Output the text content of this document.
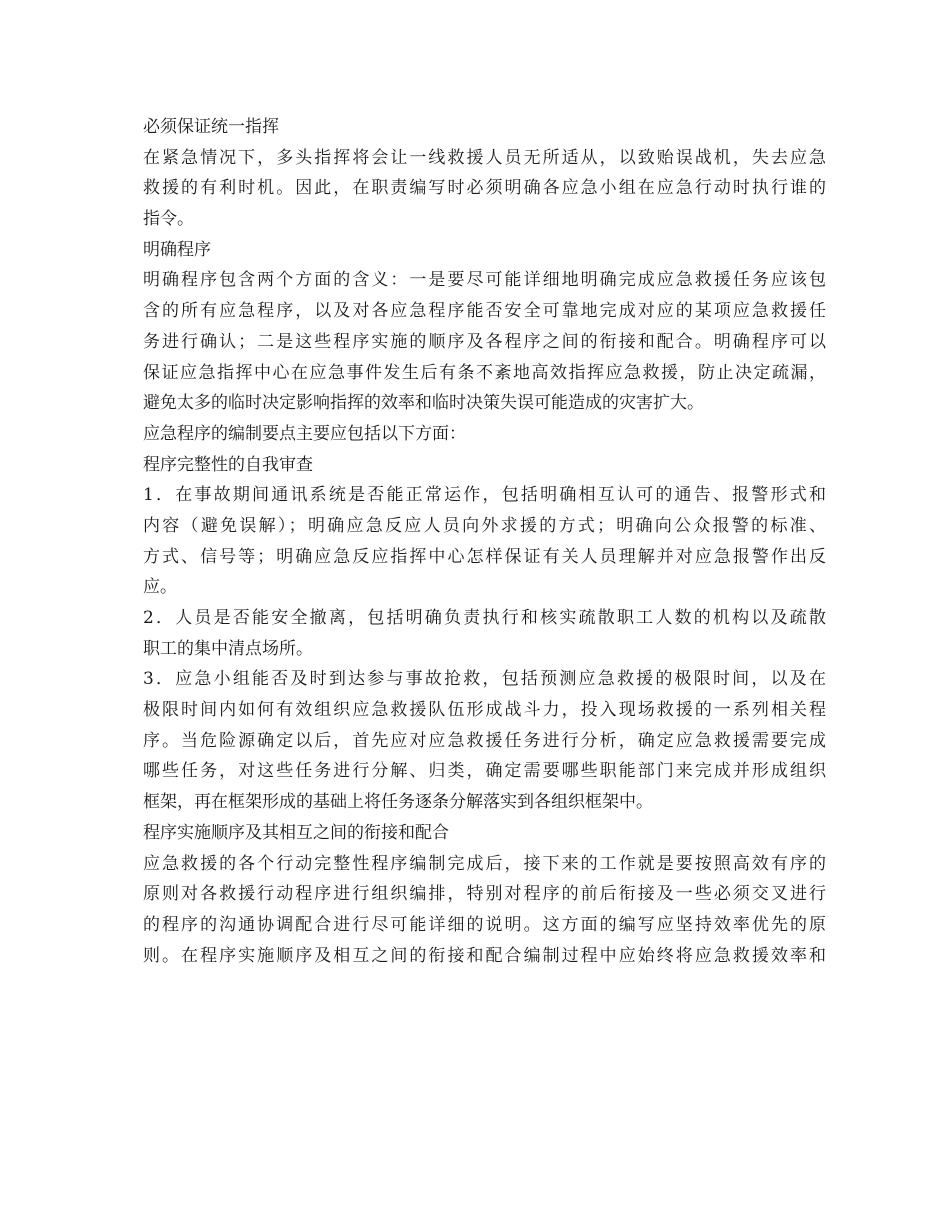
必须保证统一指挥
在紧急情况下，多头指挥将会让一线救援人员无所适从，以致贻误战机，失去应急
救援的有利时机。因此，在职责编写时必须明确各应急小组在应急行动时执行谁的
指令。
明确程序
明确程序包含两个方面的含义：一是要尽可能详细地明确完成应急救援任务应该包
含的所有应急程序，以及对各应急程序能否安全可靠地完成对应的某项应急救援任
务进行确认；二是这些程序实施的顺序及各程序之间的衔接和配合。明确程序可以
保证应急指挥中心在应急事件发生后有条不紊地高效指挥应急救援，防止决定疏漏，
避免太多的临时决定影响指挥的效率和临时决策失误可能造成的灾害扩大。
应急程序的编制要点主要应包括以下方面：
程序完整性的自我审查
1．在事故期间通讯系统是否能正常运作，包括明确相互认可的通告、报警形式和
内容（避免误解）；明确应急反应人员向外求援的方式；明确向公众报警的标准、
方式、信号等；明确应急反应指挥中心怎样保证有关人员理解并对应急报警作出反
应。
2．人员是否能安全撤离，包括明确负责执行和核实疏散职工人数的机构以及疏散
职工的集中清点场所。
3．应急小组能否及时到达参与事故抢救，包括预测应急救援的极限时间，以及在
极限时间内如何有效组织应急救援队伍形成战斗力，投入现场救援的一系列相关程
序。当危险源确定以后，首先应对应急救援任务进行分析，确定应急救援需要完成
哪些任务，对这些任务进行分解、归类，确定需要哪些职能部门来完成并形成组织
框架，再在框架形成的基础上将任务逐条分解落实到各组织框架中。
程序实施顺序及其相互之间的衔接和配合
应急救援的各个行动完整性程序编制完成后，接下来的工作就是要按照高效有序的
原则对各救援行动程序进行组织编排，特别对程序的前后衔接及一些必须交叉进行
的程序的沟通协调配合进行尽可能详细的说明。这方面的编写应坚持效率优先的原
则。在程序实施顺序及相互之间的衔接和配合编制过程中应始终将应急救援效率和
